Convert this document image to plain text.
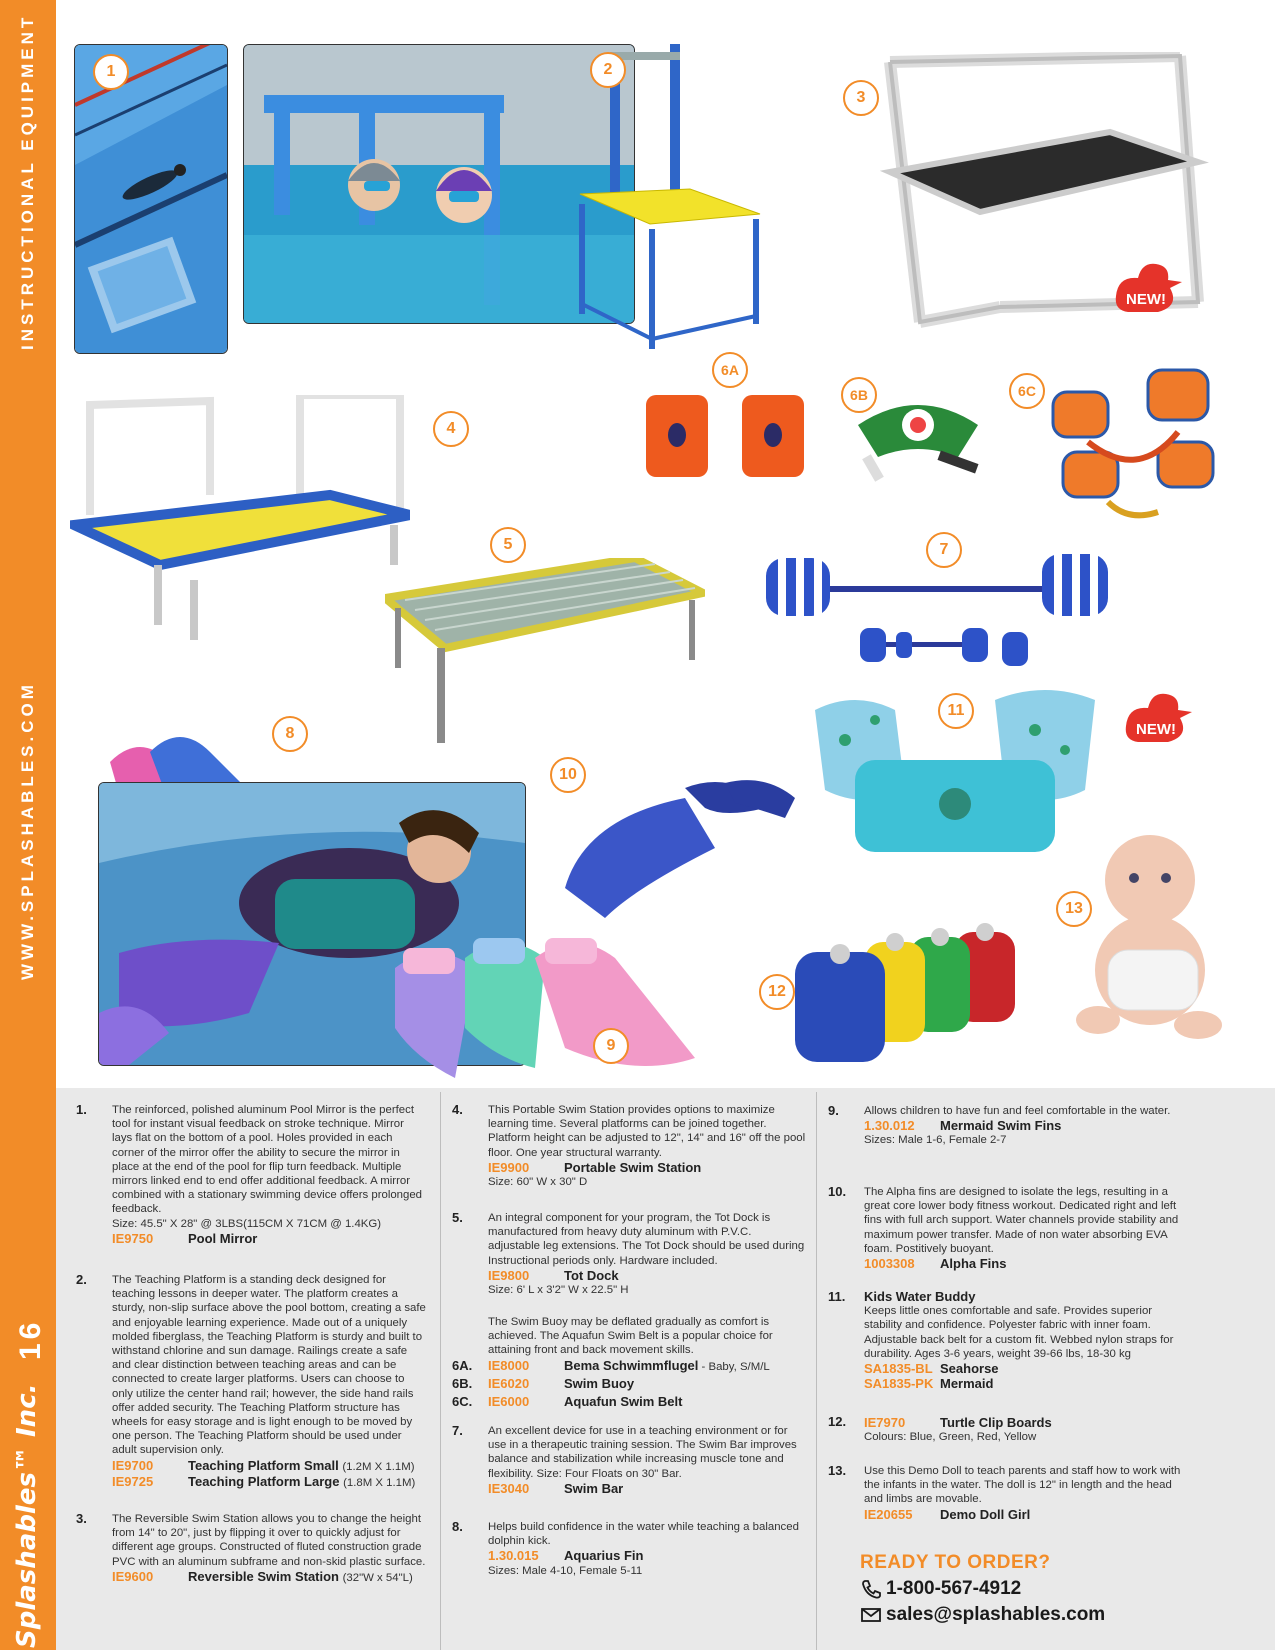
INSTRUCTIONAL EQUIPMENT
WWW.SPLASHABLES.COM
16
Splashables™ Inc.
NEW!
NEW!
1	2
3
4
5
6A
6B	6C
7
8
9
10
11
12
13
1. The reinforced, polished aluminum Pool Mirror is the perfect tool for instant visual feedback on stroke technique. Mirror lays flat on the bottom of a pool. Holes provided in each corner of the mirror offer the ability to secure the mirror in place at the end of the pool for flip turn feedback. Multiple mirrors linked end to end offer additional feedback. A mirror combined with a stationary swimming device offers prolonged feedback.

Size: 45.5" X 28" @ 3LBS(115CM X 71CM @ 1.4KG)

IE9750	Pool Mirror
2. The Teaching Platform is a standing deck designed for teaching lessons in deeper water. The platform creates a sturdy, non-slip surface above the pool bottom, creating a safe and enjoyable learning experience. Made out of a uniquely molded fiberglass, the Teaching Platform is sturdy and built to withstand chlorine and sun damage. Railings create a safe and clear distinction between teaching areas and can be connected to create larger platforms. Users can choose to only utilize the center hand rail; however, the side hand rails offer added security. The Teaching Platform structure has wheels for easy storage and is light enough to be moved by one person. The Teaching Platform should be used under adult supervision only.

IE9700	Teaching Platform Small (1.2M X 1.1M)
IE9725	Teaching Platform Large (1.8M X 1.1M)
3. The Reversible Swim Station allows you to change the height from 14" to 20", just by flipping it over to quickly adjust for different age groups. Constructed of fluted construction grade PVC with an aluminum subframe and non-skid plastic surface.

IE9600	Reversible Swim Station (32"W x 54"L)
4. This Portable Swim Station provides options to maximize learning time. Several platforms can be joined together. Platform height can be adjusted to 12", 14" and 16" off the pool floor. One year structural warranty.

IE9900	Portable Swim Station

Size: 60" W x 30" D

5. An integral component for your program, the Tot Dock is manufactured from heavy duty aluminum with P.V.C. adjustable leg extensions. The Tot Dock should be used during Instructional periods only. Hardware included.

IE9800	Tot Dock

Size: 6' L x 3'2" W x 22.5" H

The Swim Buoy may be deflated gradually as comfort is achieved. The Aquafun Swim Belt is a popular choice for attaining front and back movement skills.

6A. IE8000	Bema Schwimmflugel - Baby, S/M/L
6B. IE6020	Swim Buoy
6C. IE6000	Aquafun Swim Belt
7. An excellent device for use in a teaching environment or for use in a therapeutic training session. The Swim Bar improves balance and stabilization while increasing muscle tone and flexibility. Size: Four Floats on 30" Bar.

IE3040	Swim Bar
8. Helps build confidence in the water while teaching a balanced dolphin kick.

1.30.015	Aquarius Fin

Sizes: Male 4-10, Female 5-11

9. Allows children to have fun and feel comfortable in the water.

1.30.012	Mermaid Swim Fins

Sizes: Male 1-6, Female 2-7

10. The Alpha fins are designed to isolate the legs, resulting in a great core lower body fitness workout. Dedicated right and left fins with full arch support. Water channels provide stability and maximum power transfer. Made of non water absorbing EVA foam. Postitively buoyant.

1003308	Alpha Fins
11. Kids Water Buddy

Keeps little ones comfortable and safe. Provides superior stability and confidence. Polyester fabric with inner foam. Adjustable back belt for a custom fit. Webbed nylon straps for durability. Ages 3-6 years, weight 39-66 lbs, 18-30 kg

SA1835-BL Seahorse
SA1835-PK Mermaid
12. IE7970	Turtle Clip Boards

Colours: Blue, Green, Red, Yellow

13. Use this Demo Doll to teach parents and staff how to work with the infants in the water. The doll is 12" in length and the head and limbs are movable.

IE20655	Demo Doll Girl
READY TO ORDER?
1-800-567-4912
sales@splashables.com
